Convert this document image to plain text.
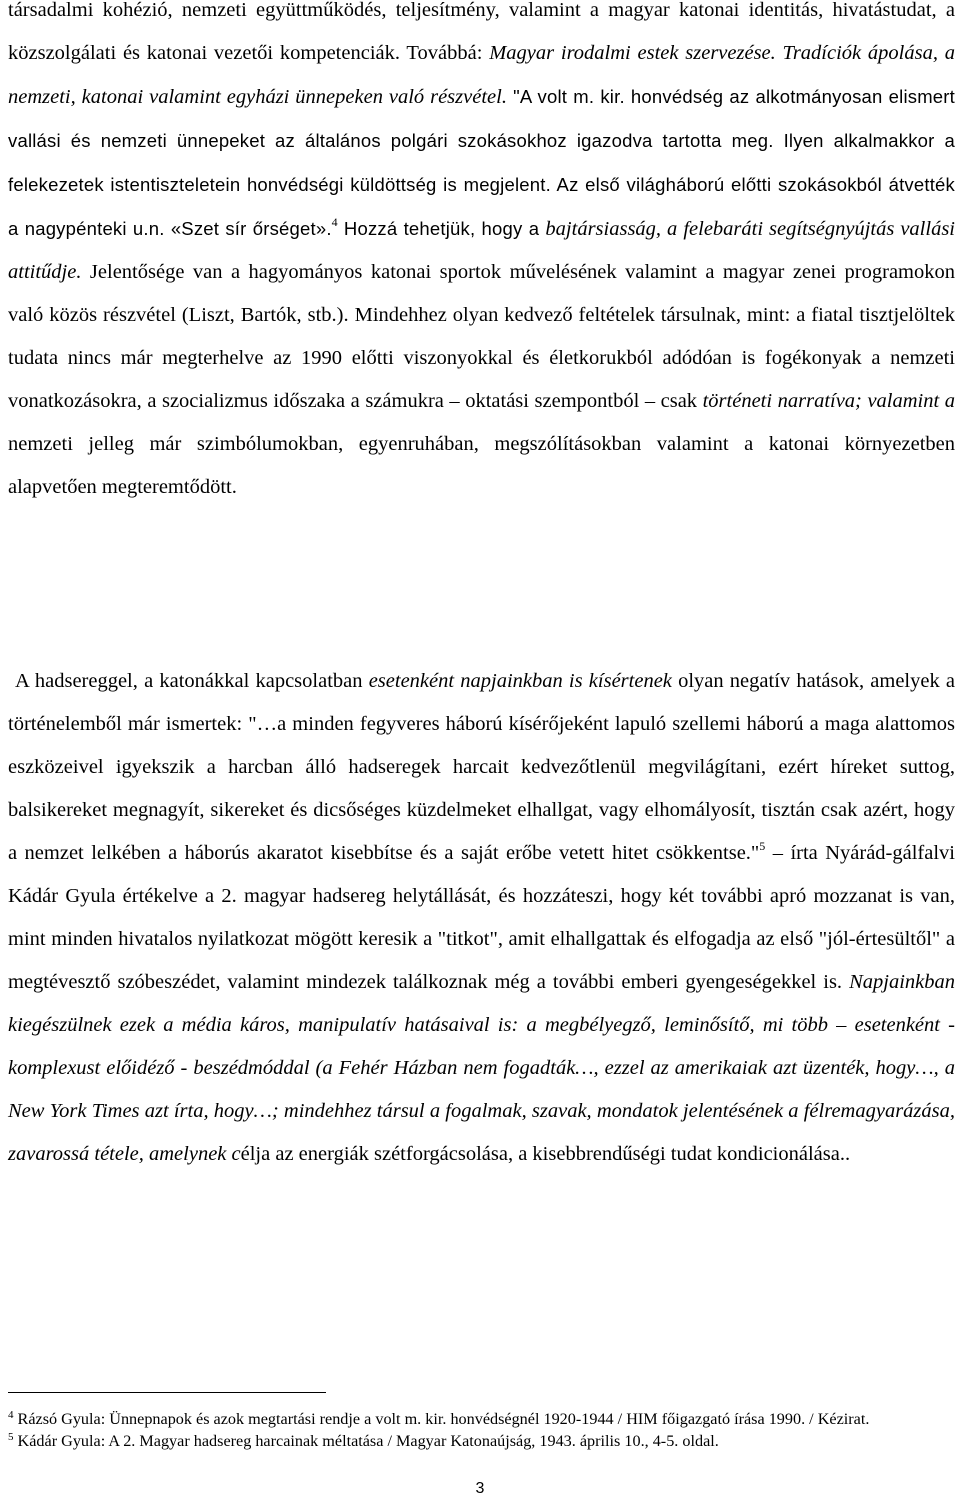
társadalmi kohézió, nemzeti együttműködés, teljesítmény, valamint a magyar katonai identitás, hivatástudat, a közszolgálati és katonai vezetői kompetenciák. Továbbá: Magyar irodalmi estek szervezése. Tradíciók ápolása, a nemzeti, katonai valamint egyházi ünnepeken való részvétel. "A volt m. kir. honvédség az alkotmányosan elismert vallási és nemzeti ünnepeket az általános polgári szokásokhoz igazodva tartotta meg. Ilyen alkalmakkor a felekezetek istentiszteletein honvédségi küldöttség is megjelent. Az első világháború előtti szokásokból átvették a nagypénteki u.n. «Szet sír őrséget».$^4$ Hozzá tehetjük, hogy a bajtársiasság, a felebaráti segítségnyújtás vallási attitűdje. Jelentősége van a hagyományos katonai sportok művelésének valamint a magyar zenei programokon való közös részvétel (Liszt, Bartók, stb.). Mindehhez olyan kedvező feltételek társulnak, mint: a fiatal tisztjelöltek tudata nincs már megterhelve az 1990 előtti viszonyokkal és életkorukból adódóan is fogékonyak a nemzeti vonatkozásokra, a szocializmus időszaka a számukra – oktatási szempontból – csak történeti narratíva; valamint a nemzeti jelleg már szimbólumokban, egyenruhában, megszólításokban valamint a katonai környezetben alapvetően megteremtődött.

A hadsereggel, a katonákkal kapcsolatban esetenként napjainkban is kísértenek olyan negatív hatások, amelyek a történelemből már ismertek: "…a minden fegyveres háború kísérőjeként lapuló szellemi háború a maga alattomos eszközeivel igyekszik a harcban álló hadseregek harcait kedvezőtlenül megvilágítani, ezért híreket suttog, balsikereket megnagyít, sikereket és dicsőséges küzdelmeket elhallgat, vagy elhomályosít, tisztán csak azért, hogy a nemzet lelkében a háborús akaratot kisebbítse és a saját erőbe vetett hitet csökkentse."$^5$ – írta Nyárád-gálfalvi Kádár Gyula értékelve a 2. magyar hadsereg helytállását, és hozzáteszi, hogy két további apró mozzanat is van, mint minden hivatalos nyilatkozat mögött keresik a "titkot", amit elhallgattak és elfogadja az első "jól-értesültől" a megtévesztő szóbeszédet, valamint mindezek találkoznak még a további emberi gyengeségekkel is. Napjainkban kiegészülnek ezek a média káros, manipulatív hatásaival is: a megbélyegző, leminősítő, mi több – esetenként - komplexust előidéző - beszédmóddal (a Fehér Házban nem fogadták…, ezzel az amerikaiak azt üzenték, hogy…, a New York Times azt írta, hogy…; mindehhez társul a fogalmak, szavak, mondatok jelentésének a félremagyarázása, zavarossá tétele, amelynek célja az energiák szétforgácsolása, a kisebbrendűségi tudat kondicionálása..

$^4$ Rázsó Gyula: Ünnepnapok és azok megtartási rendje a volt m. kir. honvédségnél 1920-1944 / HIM főigazgató írása 1990. / Kézirat.

$^5$ Kádár Gyula: A 2. Magyar hadsereg harcainak méltatása / Magyar Katonaújság, 1943. április 10., 4-5. oldal.

3
